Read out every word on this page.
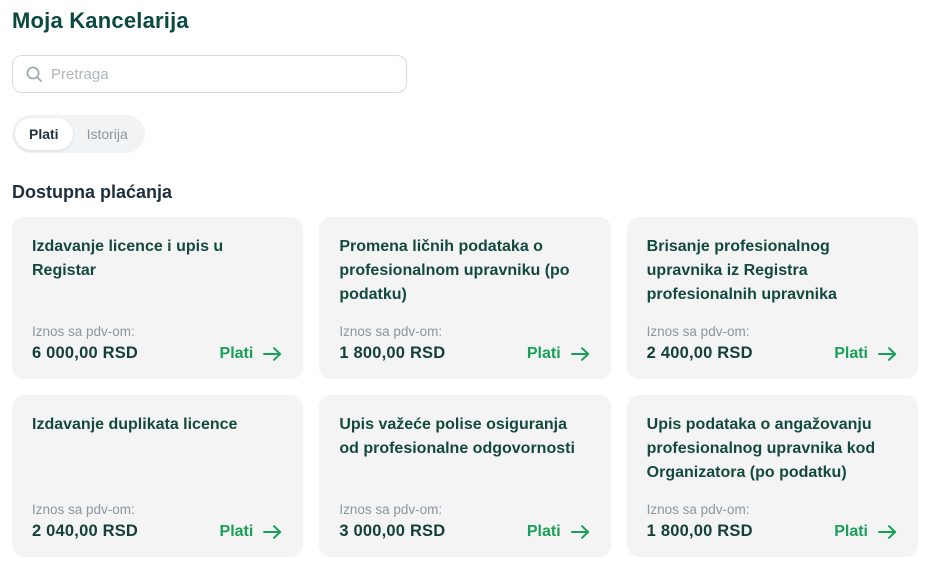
Moja Kancelarija
Pretraga
Plati	Istorija
Dostupna plaćanja
Izdavanje licence i upis u Registar
Iznos sa pdv-om:
6 000,00 RSD	Plati
Promena ličnih podataka o profesionalnom upravniku (po podatku)
Iznos sa pdv-om:
1 800,00 RSD	Plati
Brisanje profesionalnog upravnika iz Registra profesionalnih upravnika
Iznos sa pdv-om:
2 400,00 RSD	Plati
Izdavanje duplikata licence
Iznos sa pdv-om:
2 040,00 RSD	Plati
Upis važeće polise osiguranja od profesionalne odgovornosti
Iznos sa pdv-om:
3 000,00 RSD	Plati
Upis podataka o angažovanju profesionalnog upravnika kod Organizatora (po podatku)
Iznos sa pdv-om:
1 800,00 RSD	Plati
